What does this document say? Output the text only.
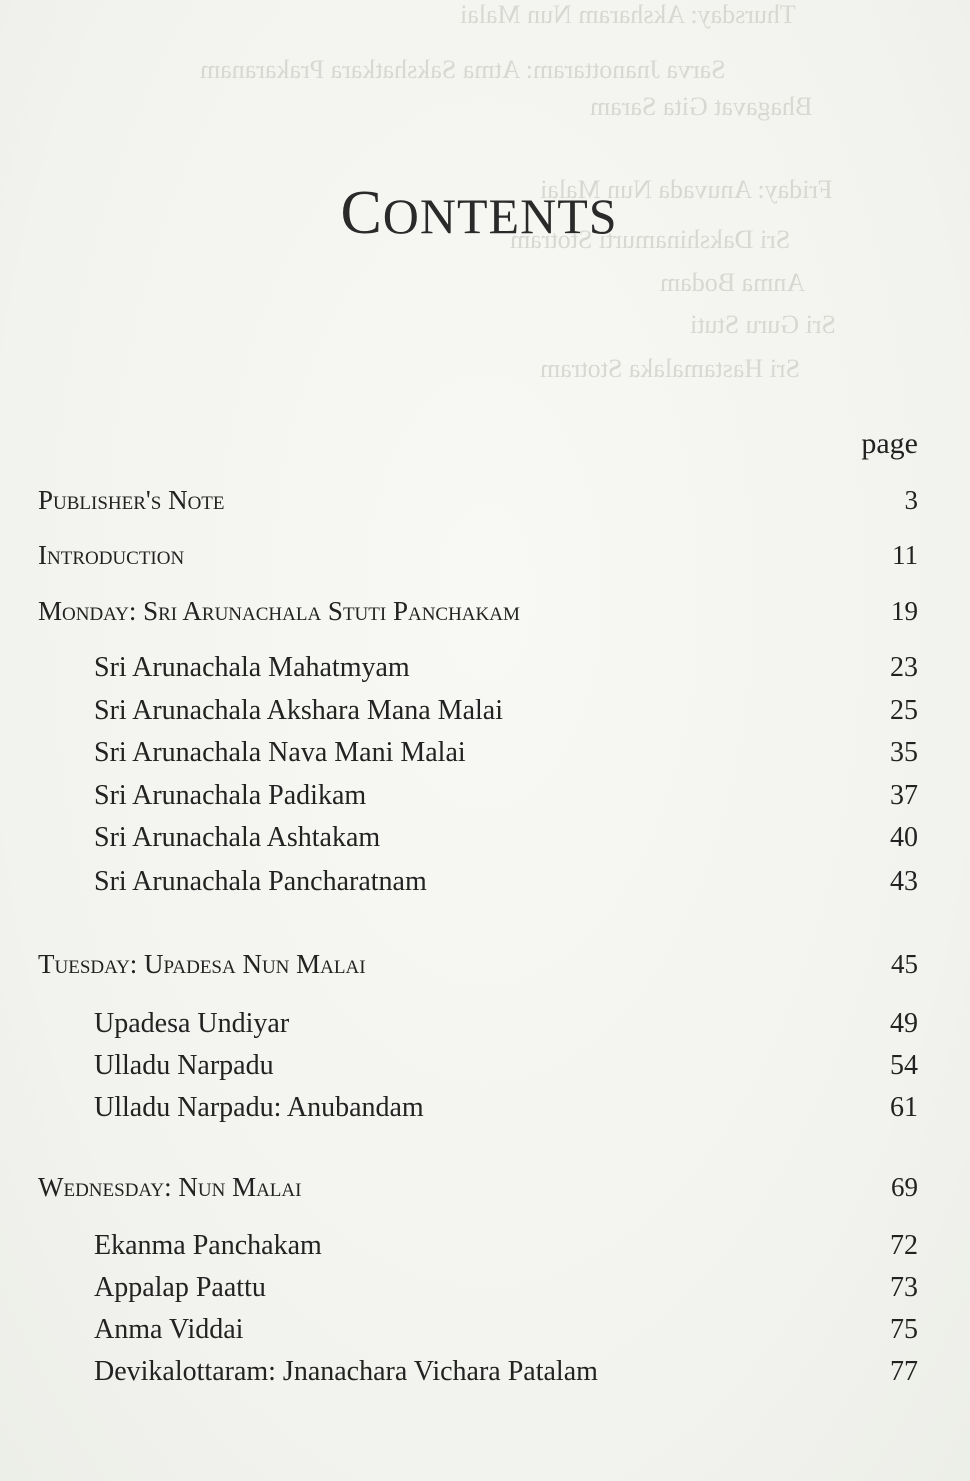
Thursday: Aksharam Nun Malai
Sarva Jnanottaram: Atma Sakshatkara Prakaranam
Bhagavat Gita Saram
Friday: Anuvada Nun Malai
Sri Dakshinamurti Stotram
Anma Bodam
Sri Guru Stuti
Sri Hastamalaka Stotram
CONTENTS
page
Publisher's Note	3
Introduction	11
Monday: Sri Arunachala Stuti Panchakam	19
Sri Arunachala Mahatmyam	23
Sri Arunachala Akshara Mana Malai	25
Sri Arunachala Nava Mani Malai	35
Sri Arunachala Padikam	37
Sri Arunachala Ashtakam	40
Sri Arunachala Pancharatnam	43
Tuesday: Upadesa Nun Malai	45
Upadesa Undiyar	49
Ulladu Narpadu	54
Ulladu Narpadu: Anubandam	61
Wednesday: Nun Malai	69
Ekanma Panchakam	72
Appalap Paattu	73
Anma Viddai	75
Devikalottaram: Jnanachara Vichara Patalam	77
